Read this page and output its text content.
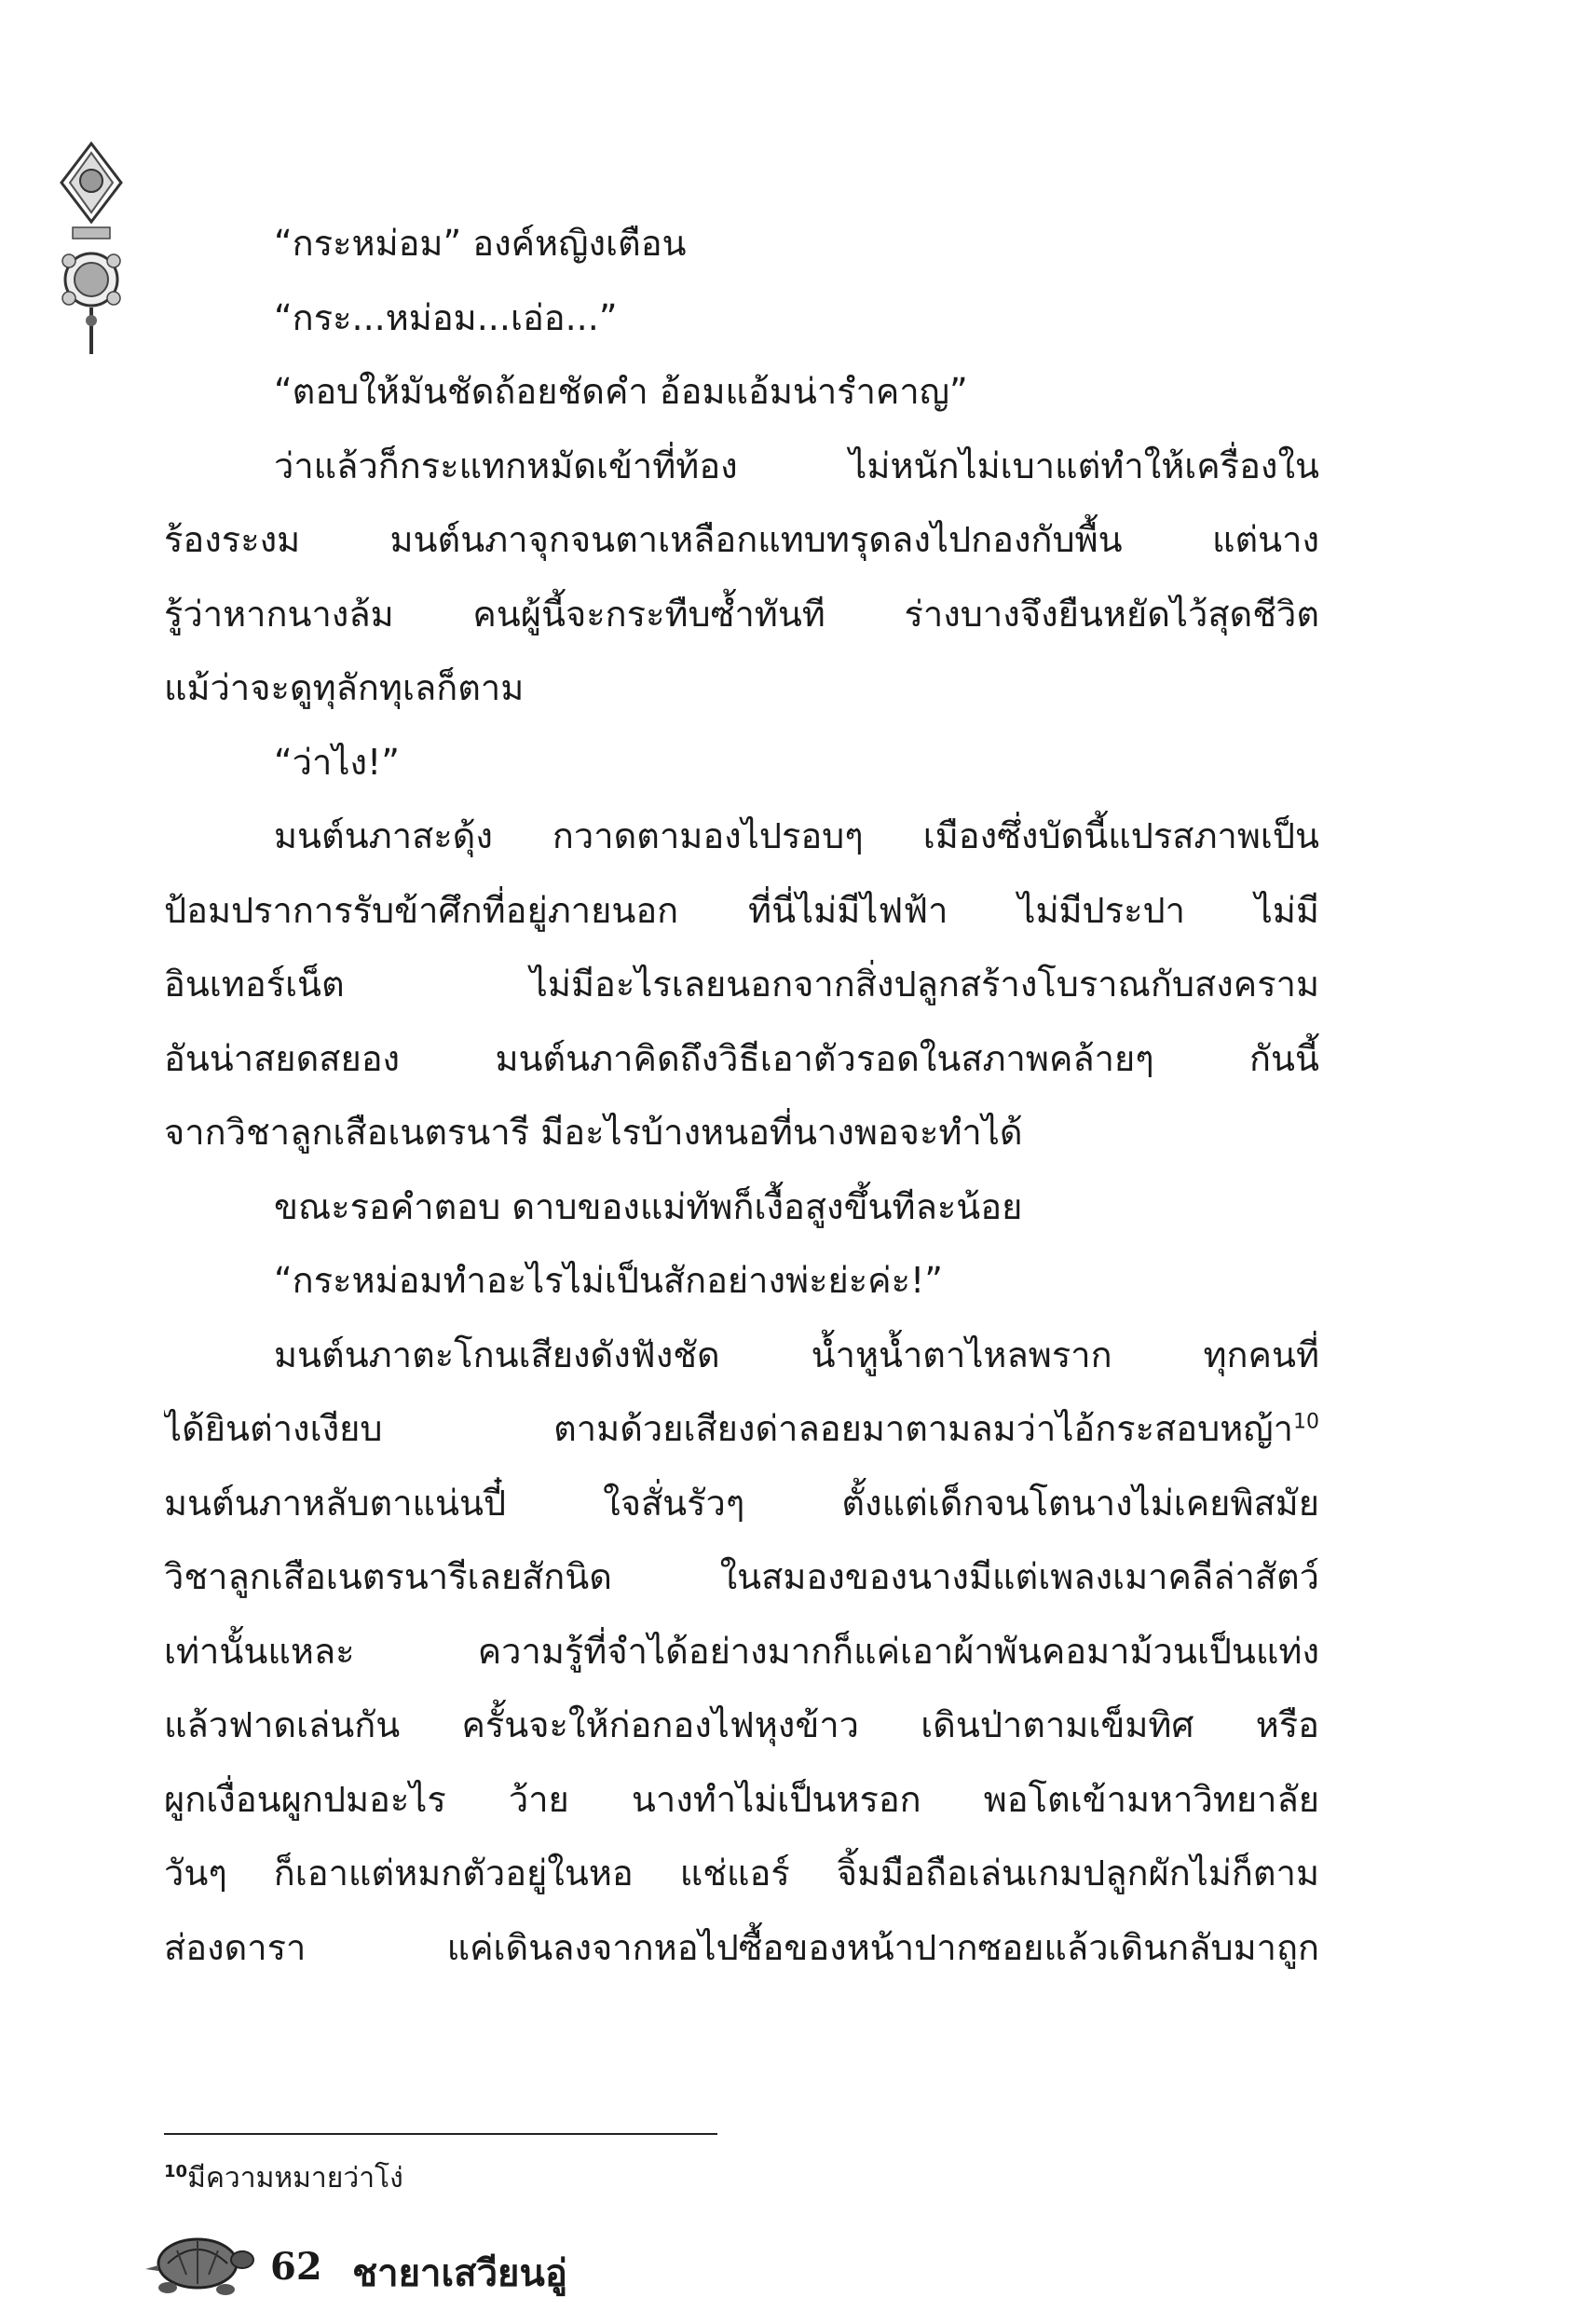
“กระหม่อม” องค์หญิงเตือน
“กระ...หม่อม...เอ่อ...”
“ตอบให้มันชัดถ้อยชัดคำ อ้อมแอ้มน่ารำคาญ”
ว่าแล้วก็กระแทกหมัดเข้าที่ท้อง ไม่หนักไม่เบาแต่ทำให้เครื่องใน
ร้องระงม มนต์นภาจุกจนตาเหลือกแทบทรุดลงไปกองกับพื้น แต่นาง
รู้ว่าหากนางล้ม คนผู้นี้จะกระทืบซ้ำทันที ร่างบางจึงยืนหยัดไว้สุดชีวิต
แม้ว่าจะดูทุลักทุเลก็ตาม
“ว่าไง!”
มนต์นภาสะดุ้ง กวาดตามองไปรอบๆ เมืองซึ่งบัดนี้แปรสภาพเป็น
ป้อมปราการรับข้าศึกที่อยู่ภายนอก ที่นี่ไม่มีไฟฟ้า ไม่มีประปา ไม่มี
อินเทอร์เน็ต ไม่มีอะไรเลยนอกจากสิ่งปลูกสร้างโบราณกับสงคราม
อันน่าสยดสยอง มนต์นภาคิดถึงวิธีเอาตัวรอดในสภาพคล้ายๆ กันนี้
จากวิชาลูกเสือเนตรนารี มีอะไรบ้างหนอที่นางพอจะทำได้
ขณะรอคำตอบ ดาบของแม่ทัพก็เงื้อสูงขึ้นทีละน้อย
“กระหม่อมทำอะไรไม่เป็นสักอย่างพ่ะย่ะค่ะ!”
มนต์นภาตะโกนเสียงดังฟังชัด น้ำหูน้ำตาไหลพราก ทุกคนที่
ได้ยินต่างเงียบ ตามด้วยเสียงด่าลอยมาตามลมว่าไอ้กระสอบหญ้า$^{10}$
มนต์นภาหลับตาแน่นปี๋ ใจสั่นรัวๆ ตั้งแต่เด็กจนโตนางไม่เคยพิสมัย
วิชาลูกเสือเนตรนารีเลยสักนิด ในสมองของนางมีแต่เพลงเมาคลีล่าสัตว์
เท่านั้นแหละ ความรู้ที่จำได้อย่างมากก็แค่เอาผ้าพันคอมาม้วนเป็นแท่ง
แล้วฟาดเล่นกัน ครั้นจะให้ก่อกองไฟหุงข้าว เดินป่าตามเข็มทิศ หรือ
ผูกเงื่อนผูกปมอะไร ว้าย นางทำไม่เป็นหรอก พอโตเข้ามหาวิทยาลัย
วันๆ ก็เอาแต่หมกตัวอยู่ในหอ แช่แอร์ จิ้มมือถือเล่นเกมปลูกผักไม่ก็ตาม
ส่องดารา แค่เดินลงจากหอไปซื้อของหน้าปากซอยแล้วเดินกลับมาถูก
$^{10}$มีความหมายว่าโง่
62 ชายาเสวียนอู่
